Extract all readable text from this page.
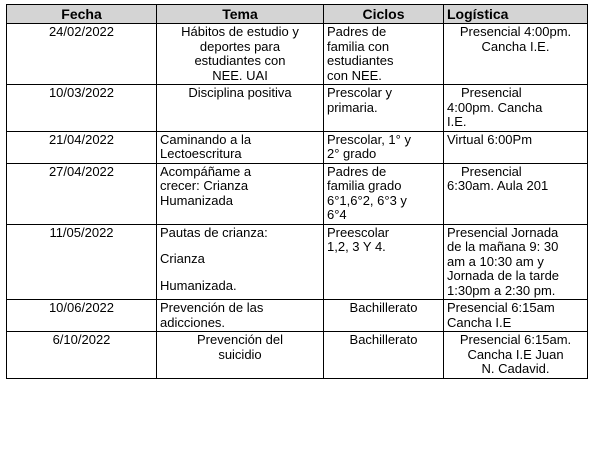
Fecha	Tema	Ciclos	Logística
24/02/2022	Hábitos de estudio y
deportes para
estudiantes con
NEE. UAI	Padres de
familia con
estudiantes
con NEE.	Presencial 4:00pm.
Cancha I.E.

10/03/2022	Disciplina positiva	Prescolar y
primaria.	Presencial
4:00pm. Cancha
I.E.

21/04/2022	Caminando a la
Lectoescritura	Prescolar, 1° y
2° grado	Virtual 6:00Pm

27/04/2022	Acompáñame a
crecer: Crianza
Humanizada	Padres de
familia grado
6°1,6°2, 6°3 y
6°4	Presencial
6:30am. Aula 201

11/05/2022	Pautas de crianza:
Crianza
Humanizada.	Preescolar
1,2, 3 Y 4.	Presencial Jornada
de la mañana 9: 30
am a 10:30 am y
Jornada de la tarde
1:30pm a 2:30 pm.

10/06/2022	Prevención de las
adicciones.	Bachillerato	Presencial 6:15am
Cancha I.E

6/10/2022	Prevención del
suicidio	Bachillerato	Presencial 6:15am.
Cancha I.E Juan
N. Cadavid.
